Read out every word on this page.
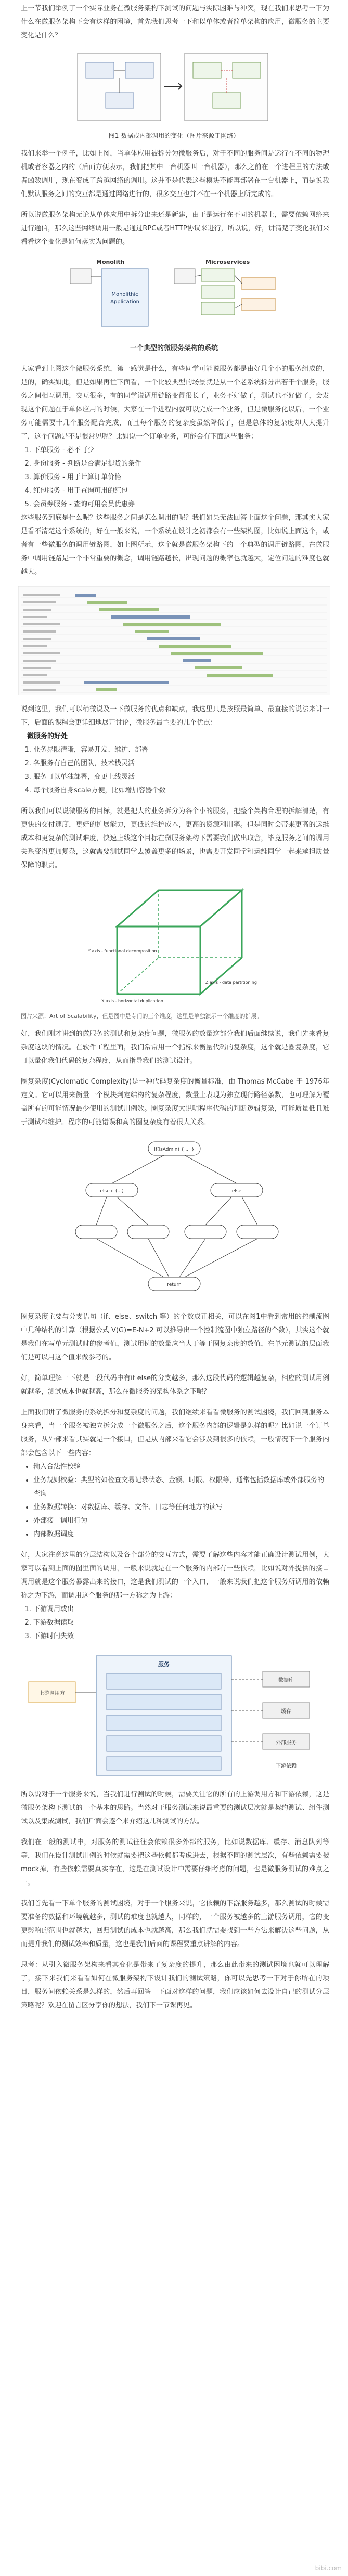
上一节我们举例了一个实际业务在微服务架构下测试的问题与实际困难与冲突，现在我们来思考一下为什么在微服务架构下会有这样的困境，首先我们思考一下和以单体或者简单架构的应用，微服务的主要变化是什么？

图1 数据或内部调用的变化（图片来源于网络）

我们来举一个例子，比如上图，当单体应用被拆分为微服务后，对于不同的服务间是运行在不同的物理机或者容器之内的（后面方便表示，我们把其中一台机器叫一台机器），那么之前在一个进程里的方法或者函数调用，现在变成了跨越网络的调用。这并不是代表这些模块不能再部署在一台机器上，而是说我们默认服务之间的交互都是通过网络进行的，很多交互也并不在一个机器上所完成的。

所以说微服务架构无论从单体应用中拆分出来还是新建，由于是运行在不同的机器上，需要依赖网络来进行通信，那么这些网络调用一般是通过RPC或者HTTP协议来进行，所以说，好，讲清楚了变化我们来看看这个变化是如何落实为问题的。

Monolith	Microservices
Monolithic
Application

一个典型的微服务架构的系统

大家看到上图这个微服务系统，第一感觉是什么，有些同学可能说服务都是由好几个小的服务组成的，是的，确实如此，但是如果再往下面看，一个比较典型的场景就是从一个老系统拆分出若干个服务，服务之间相互调用，交互很多，有的同学说调用链路变得很长了，业务不好做了，测试也不好做了，会发现这个问题在于单体应用的时候，大家在一个进程内就可以完成一个业务，但是微服务化以后，一个业务可能需要十几个服务配合完成，而且每个服务的复杂度虽然降低了，但是总体的复杂度却大大提升了，这个问题是不是很常见呢？比如说一个订单业务，可能会有下面这些服务：

1. 下单服务 - 必不可少
2. 身份服务 - 判断是否满足提货的条件
3. 算价服务 - 用于计算订单价格
4. 红包服务 - 用于查询可用的红包
5. 会员券服务 - 查询可用会员优惠券

这些服务到底是什么呢？这些服务之间是怎么调用的呢？我们如果无法回答上面这个问题，那其实大家是看不清楚这个系统的，好在一般来说，一个系统在设计之初都会有一些架构图，比如说上面这个，或者有一些微服务的调用链路图，如上图所示，这个就是微服务架构下的一个典型的调用链路图，在微服务中调用链路是一个非常重要的概念，调用链路越长，出现问题的概率也就越大，定位问题的难度也就越大。

说到这里，我们可以稍微说及一下微服务的优点和缺点，我这里只是按照最简单、最直接的说法来讲一下，后面的课程会更详细地展开讨论，微服务最主要的几个优点：

微服务的好处

1. 业务界限清晰，容易开发、维护、部署
2. 各服务有自己的团队，技术栈灵活
3. 服务可以单独部署，变更上线灵活
4. 每个服务自身scale方便，比如增加容器个数

所以我们可以说微服务的目标，就是把大的业务拆分为各个小的服务，把整个架构合理的拆解清楚，有更快的交付速度，更好的扩展能力，更低的维护成本，更高的资源利用率。但是同时会带来更高的运维成本和更复杂的测试难度，快速上线这个目标在微服务架构下需要我们做出取舍，毕竟服务之间的调用关系变得更加复杂，这就需要测试同学去覆盖更多的场景，也需要开发同学和运维同学一起来承担质量保障的职责。

Y axis - functional decomposition
X axis - horizontal duplication
Z axis - data partitioning

图片来源：Art of Scalability，但是图中是专门的三个维度，这里是单独演示一个维度的扩展。

好，我们刚才讲到的微服务的测试和复杂度问题，微服务的数量这部分我们后面继续说，我们先来看复杂度这块的情况。在软件工程里面，我们常常用一个指标来衡量代码的复杂度，这个就是圈复杂度，它可以量化我们代码的复杂程度，从而指导我们的测试设计。

圈复杂度(Cyclomatic Complexity)是一种代码复杂度的衡量标准，由 Thomas McCabe 于 1976年定义。它可以用来衡量一个模块判定结构的复杂程度，数量上表现为独立现行路径条数，也可理解为覆盖所有的可能情况最少使用的测试用例数。圈复杂度大说明程序代码的判断逻辑复杂，可能质量低且难于测试和维护。程序的可能错误和高的圈复杂度有着很大关系。

if(isAdmin) { ... }
else if (...)	else
return

圈复杂度主要与分支语句（if、else、switch 等）的个数成正相关，可以在图1中看到常用的控制流图中几种结构的计算（根据公式 V(G)=E-N+2 可以推导出一个控制流图中独立路径的个数），其实这个就是我们在写单元测试时的参考值，测试用例的数量应当大于等于圈复杂度的数值，在单元测试的层面我们是可以用这个值来做参考的。

好，简单理解一下就是一段代码中有if else的分支越多，那么这段代码的逻辑越复杂，相应的测试用例就越多，测试成本也就越高，那么在微服务的架构体系之下呢？

上面我们讲了微服务的系统拆分和复杂度的问题，我们继续来看看微服务的测试困境，我们回到服务本身来看，当一个服务被独立拆分成一个微服务之后，这个服务内部的逻辑是怎样的呢？比如说一个订单服务，从外部来看其实就是一个接口，但是从内部来看它会涉及到很多的依赖，一般情况下一个服务内部会包含以下一些内容：

• 输入合法性校验
• 业务规则校验：典型的如检查交易记录状态、金额、时限、权限等，通常包括数据库或外部服务的查询
• 业务数据转换：对数据库、缓存、文件、日志等任何地方的读写
• 外部接口调用行为
• 内部数据调度

好，大家注意这里的分层结构以及各个部分的交互方式，需要了解这些内容才能正确设计测试用例，大家可以看到上面的图里面的调用，一般来说就是在一个服务的内部有一些依赖，比如说对外提供的接口调用就是这个服务暴露出来的接口，这是我们测试的一个入口，一般来说我们把这个服务所调用的依赖称之为下游，而调用这个服务的那一方称之为上游：

1. 下游调用或出
2. 下游数据读取
3. 下游时间失效
上游调用方
服务
数据库
缓存
外部服务
下游依赖

所以说对于一个服务来说，当我们进行测试的时候，需要关注它的所有的上游调用方和下游依赖，这是微服务架构下测试的一个基本的思路。当然对于服务测试来说最重要的测试层次就是契约测试、组件测试以及集成测试，我们后面会逐个来介绍这几种测试的方法。

我们在一般的测试中，对服务的测试往往会依赖很多外部的服务，比如说数据库、缓存、消息队列等等，我们在设计测试用例的时候就需要把这些依赖都考虑进去，根据不同的测试层次，有些依赖需要被mock掉，有些依赖需要真实存在，这是在测试设计中需要仔细考虑的问题，也是微服务测试的难点之一。

我们首先看一下单个服务的测试困境，对于一个服务来说，它依赖的下游服务越多，那么测试的时候需要准备的数据和环境就越多，测试的难度也就越大，同样的，一个服务被越多的上游服务调用，它的变更影响的范围也就越大，回归测试的成本也就越高，那么我们就需要找到一些方法来解决这些问题，从而提升我们的测试效率和质量，这也是我们后面的课程要重点讲解的内容。

思考：从引入微服务架构来看其变化是带来了复杂度的提升，那么由此带来的测试困境也就可以理解了，接下来我们来看看如何在微服务架构下设计我们的测试策略，你可以先思考一下对于你所在的项目，服务间依赖关系是怎样的，然后再回答一下面对这样的问题，我们应该如何去设计自己的测试分层策略呢？欢迎在留言区分享你的想法，我们下一节课再见。

bibi.com
